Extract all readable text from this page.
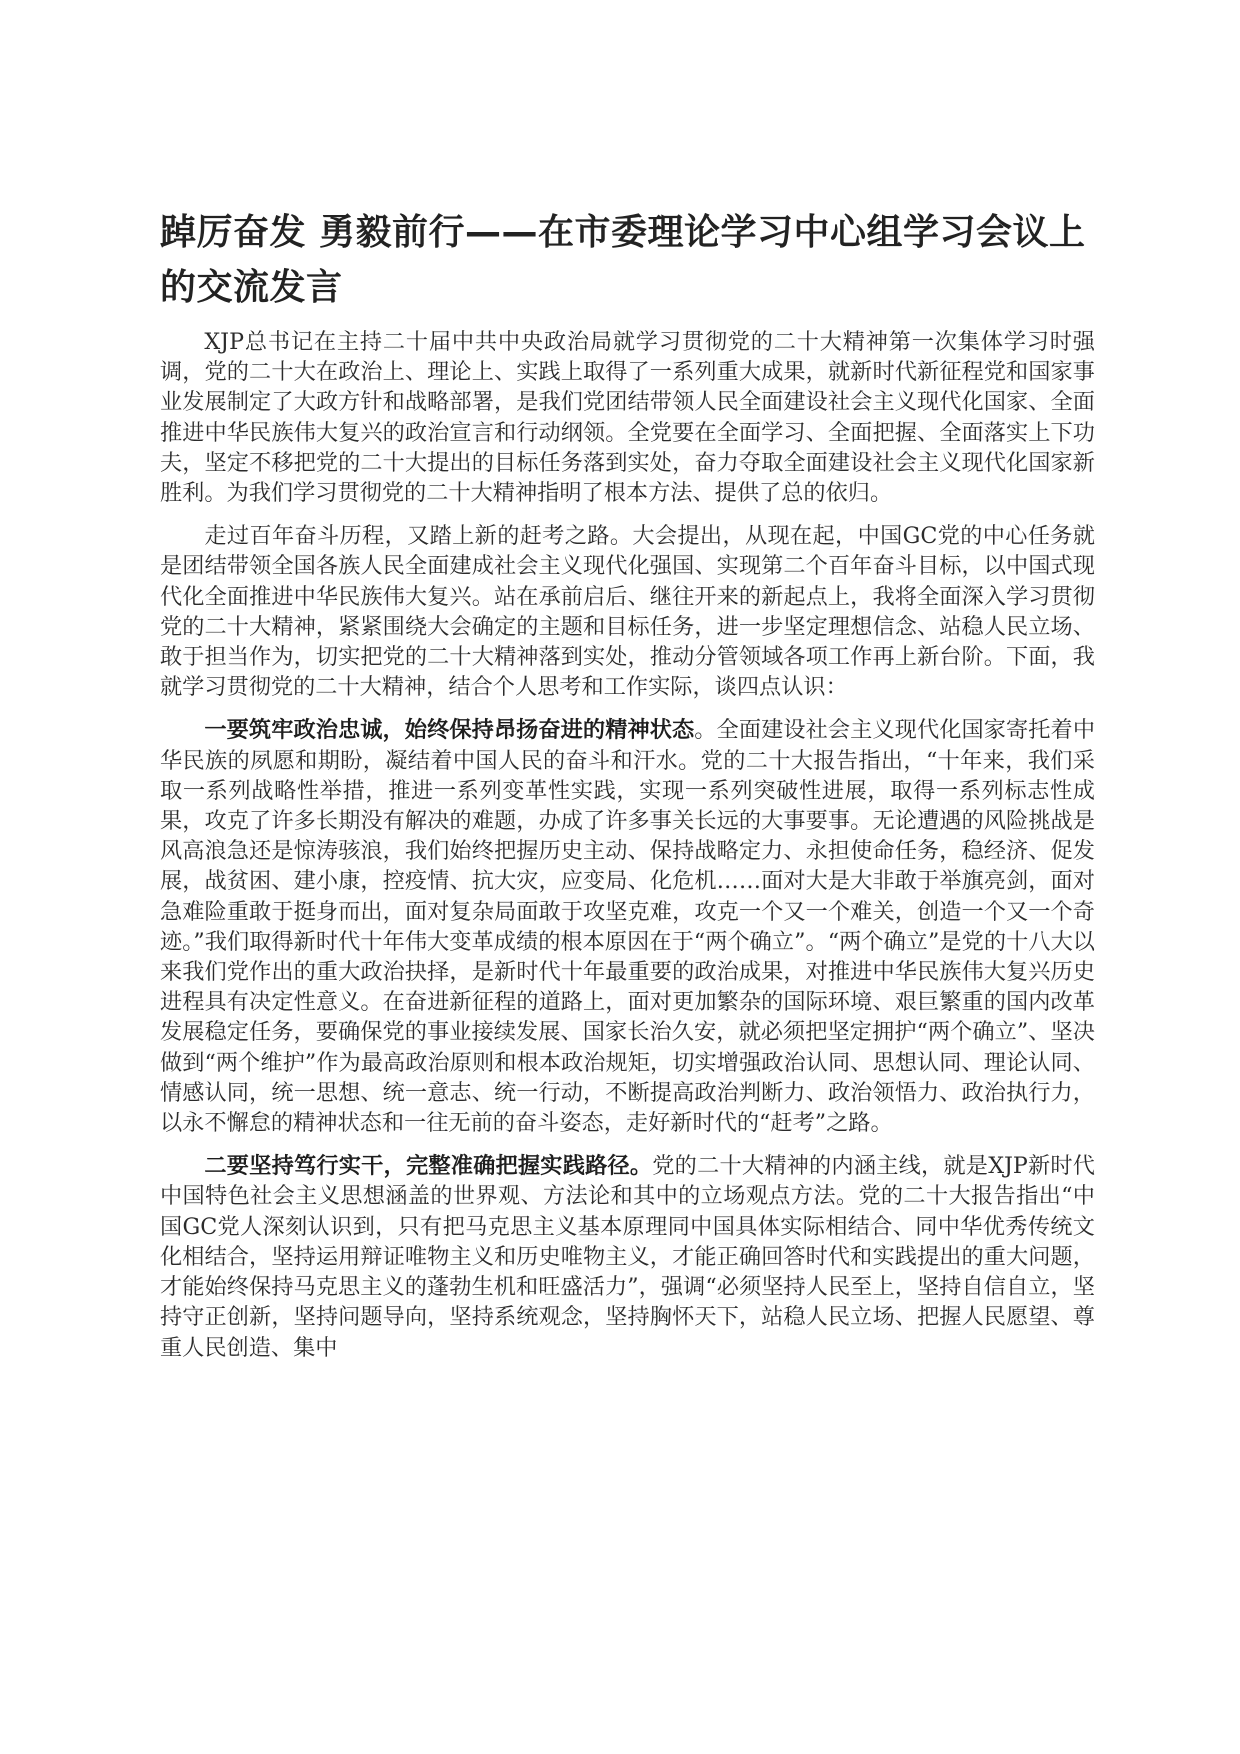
踔厉奋发 勇毅前行——在市委理论学习中心组学习会议上的交流发言

XJP总书记在主持二十届中共中央政治局就学习贯彻党的二十大精神第一次集体学习时强调，党的二十大在政治上、理论上、实践上取得了一系列重大成果，就新时代新征程党和国家事业发展制定了大政方针和战略部署，是我们党团结带领人民全面建设社会主义现代化国家、全面推进中华民族伟大复兴的政治宣言和行动纲领。全党要在全面学习、全面把握、全面落实上下功夫，坚定不移把党的二十大提出的目标任务落到实处，奋力夺取全面建设社会主义现代化国家新胜利。为我们学习贯彻党的二十大精神指明了根本方法、提供了总的依归。

走过百年奋斗历程，又踏上新的赶考之路。大会提出，从现在起，中国GC党的中心任务就是团结带领全国各族人民全面建成社会主义现代化强国、实现第二个百年奋斗目标，以中国式现代化全面推进中华民族伟大复兴。站在承前启后、继往开来的新起点上，我将全面深入学习贯彻党的二十大精神，紧紧围绕大会确定的主题和目标任务，进一步坚定理想信念、站稳人民立场、敢于担当作为，切实把党的二十大精神落到实处，推动分管领域各项工作再上新台阶。下面，我就学习贯彻党的二十大精神，结合个人思考和工作实际，谈四点认识：

一要筑牢政治忠诚，始终保持昂扬奋进的精神状态。全面建设社会主义现代化国家寄托着中华民族的夙愿和期盼，凝结着中国人民的奋斗和汗水。党的二十大报告指出，“十年来，我们采取一系列战略性举措，推进一系列变革性实践，实现一系列突破性进展，取得一系列标志性成果，攻克了许多长期没有解决的难题，办成了许多事关长远的大事要事。无论遭遇的风险挑战是风高浪急还是惊涛骇浪，我们始终把握历史主动、保持战略定力、永担使命任务，稳经济、促发展，战贫困、建小康，控疫情、抗大灾，应变局、化危机……面对大是大非敢于举旗亮剑，面对急难险重敢于挺身而出，面对复杂局面敢于攻坚克难，攻克一个又一个难关，创造一个又一个奇迹。”我们取得新时代十年伟大变革成绩的根本原因在于“两个确立”。“两个确立”是党的十八大以来我们党作出的重大政治抉择，是新时代十年最重要的政治成果，对推进中华民族伟大复兴历史进程具有决定性意义。在奋进新征程的道路上，面对更加繁杂的国际环境、艰巨繁重的国内改革发展稳定任务，要确保党的事业接续发展、国家长治久安，就必须把坚定拥护“两个确立”、坚决做到“两个维护”作为最高政治原则和根本政治规矩，切实增强政治认同、思想认同、理论认同、情感认同，统一思想、统一意志、统一行动，不断提高政治判断力、政治领悟力、政治执行力，以永不懈怠的精神状态和一往无前的奋斗姿态，走好新时代的“赶考”之路。

二要坚持笃行实干，完整准确把握实践路径。党的二十大精神的内涵主线，就是XJP新时代中国特色社会主义思想涵盖的世界观、方法论和其中的立场观点方法。党的二十大报告指出“中国GC党人深刻认识到，只有把马克思主义基本原理同中国具体实际相结合、同中华优秀传统文化相结合，坚持运用辩证唯物主义和历史唯物主义，才能正确回答时代和实践提出的重大问题，才能始终保持马克思主义的蓬勃生机和旺盛活力”，强调“必须坚持人民至上，坚持自信自立，坚持守正创新，坚持问题导向，坚持系统观念，坚持胸怀天下，站稳人民立场、把握人民愿望、尊重人民创造、集中
